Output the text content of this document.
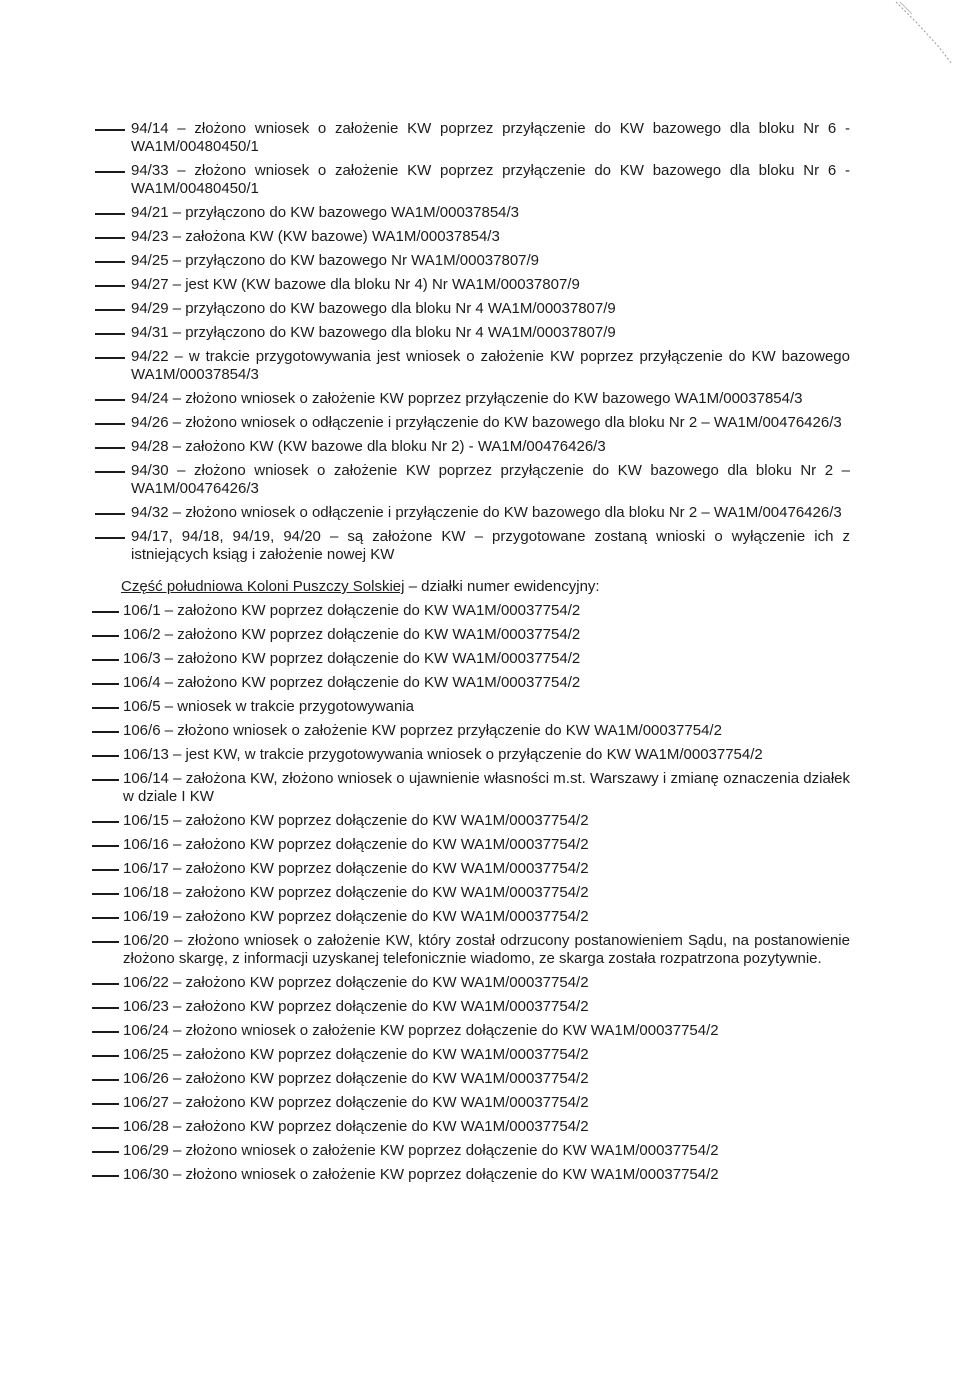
94/14 – złożono wniosek o założenie KW poprzez przyłączenie do KW bazowego dla bloku Nr 6 - WA1M/00480450/1
94/33 – złożono wniosek o założenie KW poprzez przyłączenie do KW bazowego dla bloku Nr 6 - WA1M/00480450/1
94/21 – przyłączono do KW bazowego WA1M/00037854/3
94/23 – założona KW (KW bazowe) WA1M/00037854/3
94/25 – przyłączono do KW bazowego Nr WA1M/00037807/9
94/27 – jest KW (KW bazowe dla bloku Nr 4) Nr WA1M/00037807/9
94/29 – przyłączono do KW bazowego dla bloku Nr 4 WA1M/00037807/9
94/31 – przyłączono do KW bazowego dla bloku Nr 4 WA1M/00037807/9
94/22 – w trakcie przygotowywania jest wniosek o założenie KW poprzez przyłączenie do KW bazowego WA1M/00037854/3
94/24 – złożono wniosek o założenie KW poprzez przyłączenie do KW bazowego WA1M/00037854/3
94/26 – złożono wniosek o odłączenie i przyłączenie do KW bazowego dla bloku Nr 2 – WA1M/00476426/3
94/28 – założono KW (KW bazowe dla bloku Nr 2) - WA1M/00476426/3
94/30 – złożono wniosek o założenie KW poprzez przyłączenie do KW bazowego dla bloku Nr 2 – WA1M/00476426/3
94/32 – złożono wniosek o odłączenie i przyłączenie do KW bazowego dla bloku Nr 2 – WA1M/00476426/3
94/17, 94/18, 94/19, 94/20 – są założone KW – przygotowane zostaną wnioski o wyłączenie ich z istniejących ksiąg i założenie nowej KW
Część południowa Koloni Puszczy Solskiej – działki numer ewidencyjny:
106/1 – założono KW poprzez dołączenie do KW WA1M/00037754/2
106/2 – założono KW poprzez dołączenie do KW WA1M/00037754/2
106/3 – założono KW poprzez dołączenie do KW WA1M/00037754/2
106/4 – założono KW poprzez dołączenie do KW WA1M/00037754/2
106/5 – wniosek w trakcie przygotowywania
106/6 – złożono wniosek o założenie KW poprzez przyłączenie do KW WA1M/00037754/2
106/13 – jest KW, w trakcie przygotowywania wniosek o przyłączenie do KW WA1M/00037754/2
106/14 – założona KW, złożono wniosek o ujawnienie własności m.st. Warszawy i zmianę oznaczenia działek w dziale I KW
106/15 – założono KW poprzez dołączenie do KW WA1M/00037754/2
106/16 – założono KW poprzez dołączenie do KW WA1M/00037754/2
106/17 – założono KW poprzez dołączenie do KW WA1M/00037754/2
106/18 – założono KW poprzez dołączenie do KW WA1M/00037754/2
106/19 – założono KW poprzez dołączenie do KW WA1M/00037754/2
106/20 – złożono wniosek o założenie KW, który został odrzucony postanowieniem Sądu, na postanowienie złożono skargę, z informacji uzyskanej telefonicznie wiadomo, ze skarga została rozpatrzona pozytywnie.
106/22 – założono KW poprzez dołączenie do KW WA1M/00037754/2
106/23 – założono KW poprzez dołączenie do KW WA1M/00037754/2
106/24 – złożono wniosek o założenie KW poprzez dołączenie do KW WA1M/00037754/2
106/25 – założono KW poprzez dołączenie do KW WA1M/00037754/2
106/26 – założono KW poprzez dołączenie do KW WA1M/00037754/2
106/27 – założono KW poprzez dołączenie do KW WA1M/00037754/2
106/28 – założono KW poprzez dołączenie do KW WA1M/00037754/2
106/29 – złożono wniosek o założenie KW poprzez dołączenie do KW WA1M/00037754/2
106/30 – złożono wniosek o założenie KW poprzez dołączenie do KW WA1M/00037754/2
